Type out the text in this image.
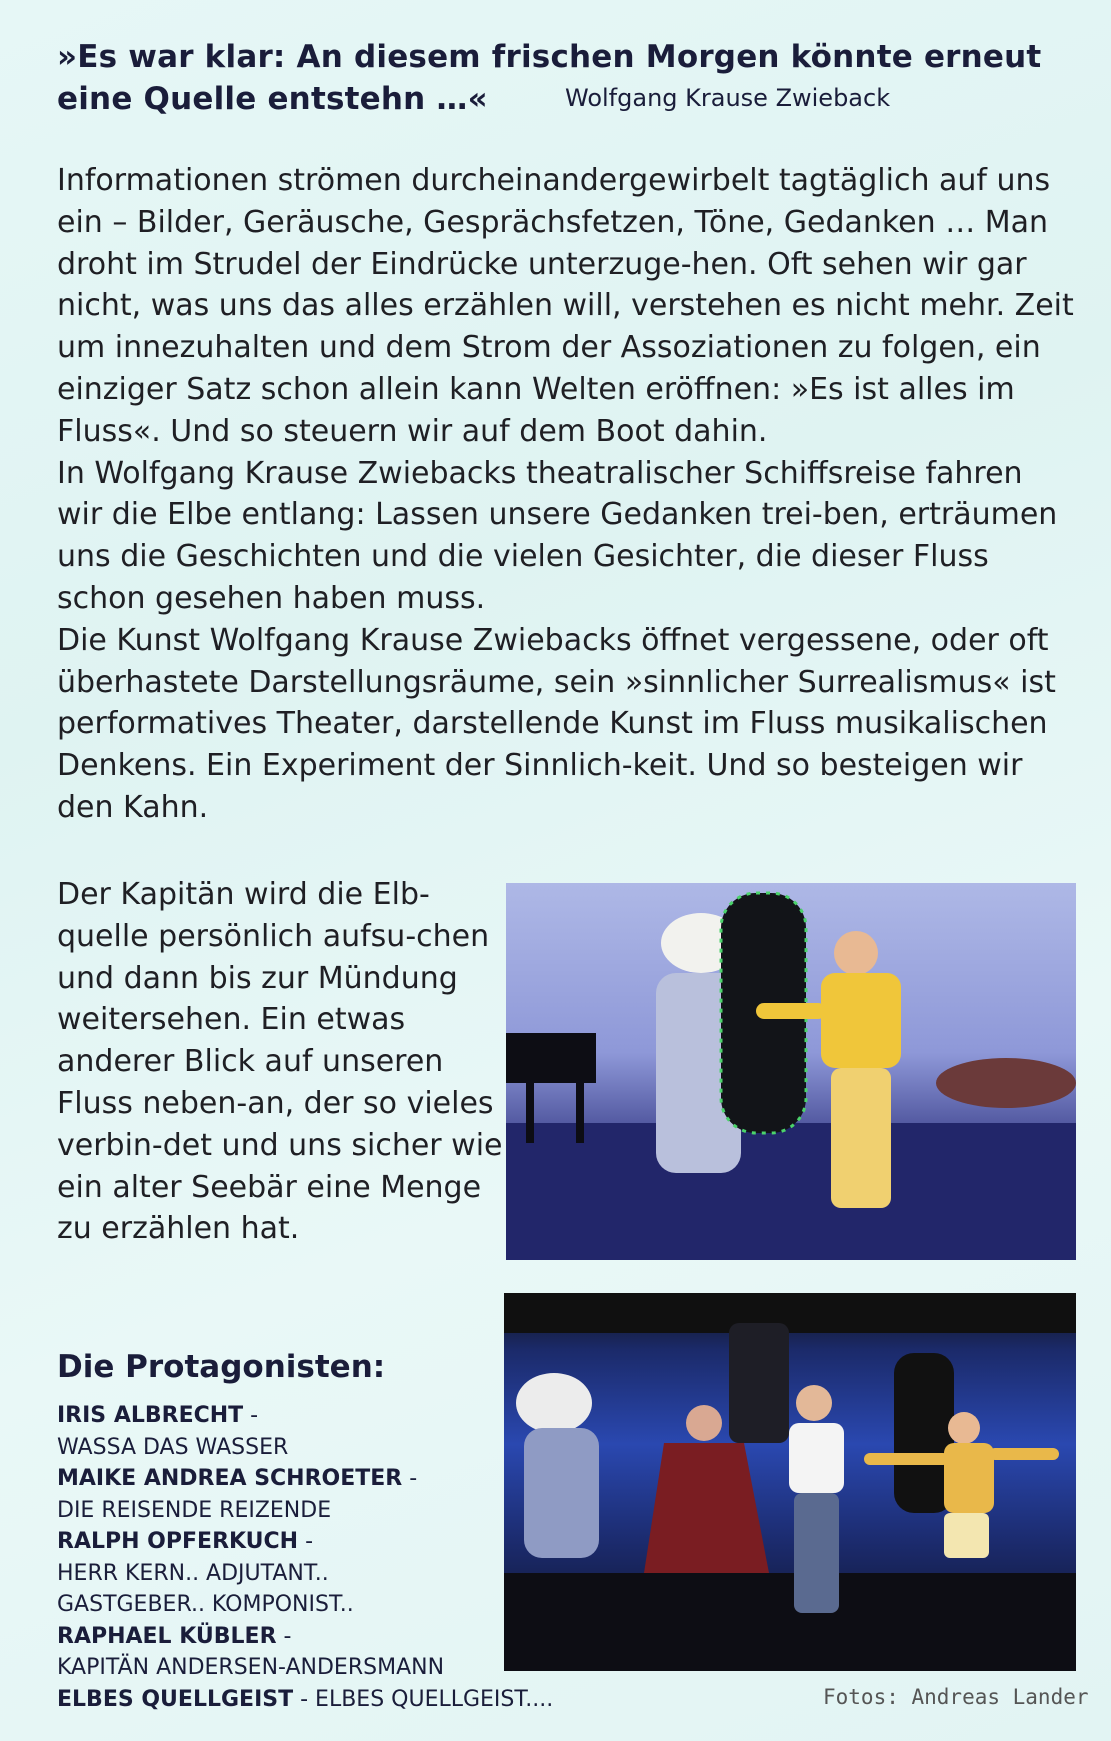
»Es war klar: An diesem frischen Morgen könnte erneut eine Quelle entstehn …«	Wolfgang Krause Zwieback

Informationen strömen durcheinandergewirbelt tagtäglich auf uns ein – Bilder, Geräusche, Gesprächsfetzen, Töne, Gedanken … Man droht im Strudel der Eindrücke unterzuge-hen. Oft sehen wir gar nicht, was uns das alles erzählen will, verstehen es nicht mehr. Zeit um innezuhalten und dem Strom der Assoziationen zu folgen, ein einziger Satz schon allein kann Welten eröffnen: »Es ist alles im Fluss«. Und so steuern wir auf dem Boot dahin.

In Wolfgang Krause Zwiebacks theatralischer Schiffsreise fahren wir die Elbe entlang: Lassen unsere Gedanken trei-ben, erträumen uns die Geschichten und die vielen Gesichter, die dieser Fluss schon gesehen haben muss.

Die Kunst Wolfgang Krause Zwiebacks öffnet vergessene, oder oft überhastete Darstellungsräume, sein »sinnlicher Surrealismus« ist performatives Theater, darstellende Kunst im Fluss musikalischen Denkens. Ein Experiment der Sinnlich-keit. Und so besteigen wir den Kahn.

Der Kapitän wird die Elb-quelle persönlich aufsu-chen und dann bis zur Mündung weitersehen. Ein etwas anderer Blick auf unseren Fluss neben-an, der so vieles verbin-det und uns sicher wie ein alter Seebär eine Menge zu erzählen hat.

Die Protagonisten:
IRIS ALBRECHT -
WASSA DAS WASSER
MAIKE ANDREA SCHROETER -
DIE REISENDE REIZENDE
RALPH OPFERKUCH -
HERR KERN.. ADJUTANT.. GASTGEBER.. KOMPONIST..
RAPHAEL KÜBLER -
KAPITÄN ANDERSEN-ANDERSMANN
ELBES QUELLGEIST - ELBES QUELLGEIST....	Fotos: Andreas Lander
